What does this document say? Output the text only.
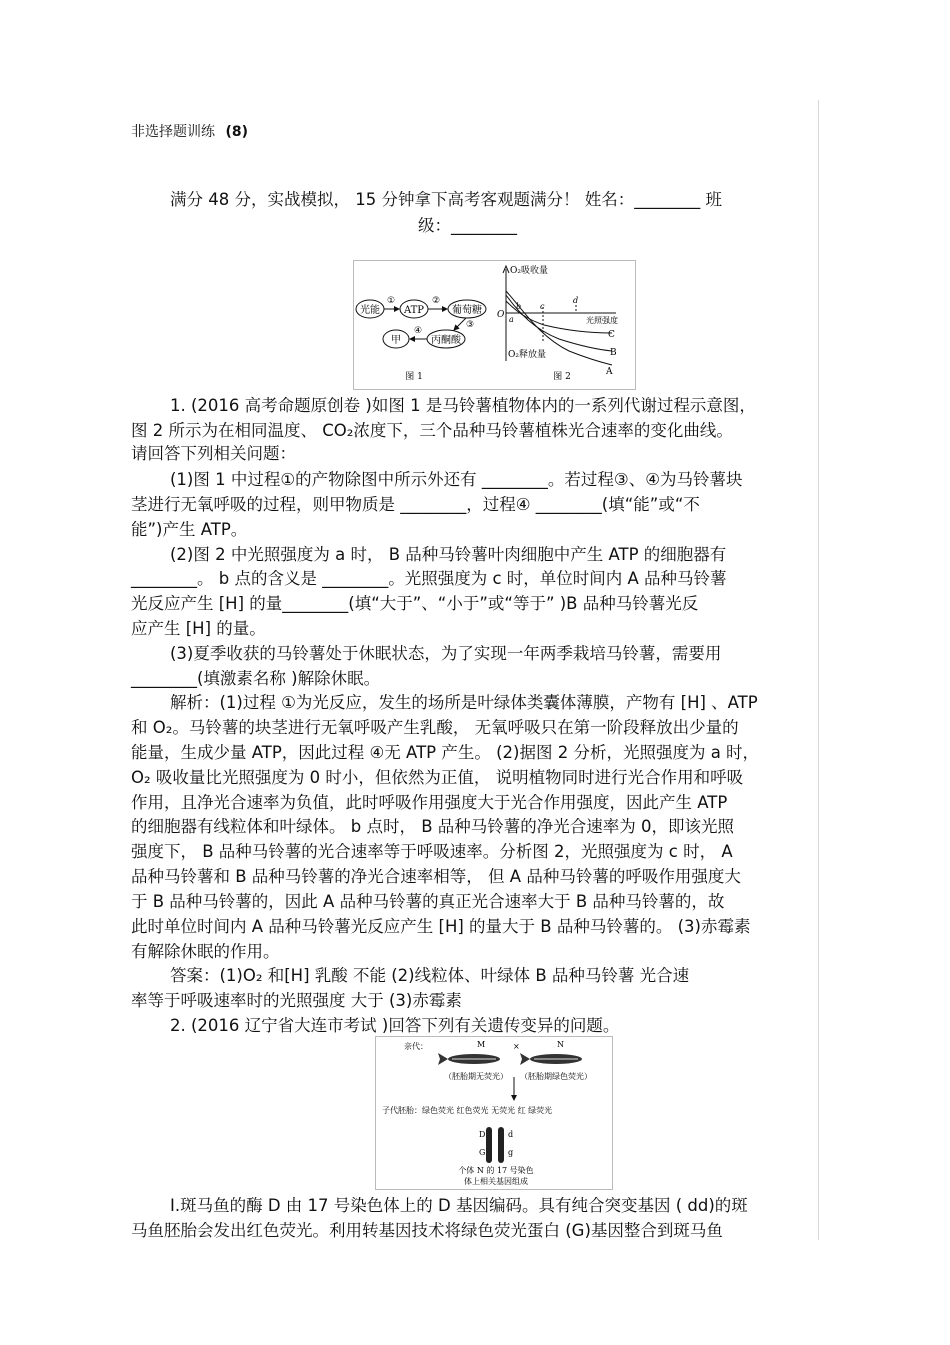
非选择题训练 (8)
满分 48 分，实战模拟， 15 分钟拿下高考客观题满分！ 姓名：________ 班
级：________
光能 ATP	葡萄糖
甲	丙酮酸
①	②
③
④
图 1
O₂吸收量
O₂释放量
O
光照强度
a
b c
d
A
B
C
图 2
1. (2016 高考命题原创卷 )如图 1 是马铃薯植物体内的一系列代谢过程示意图，
图 2 所示为在相同温度、 CO₂浓度下，三个品种马铃薯植株光合速率的变化曲线。
请回答下列相关问题：
(1)图 1 中过程①的产物除图中所示外还有 ________。若过程③、④为马铃薯块
茎进行无氧呼吸的过程，则甲物质是 ________，过程④ ________(填“能”或“不
能”)产生 ATP。
(2)图 2 中光照强度为 a 时， B 品种马铃薯叶肉细胞中产生 ATP 的细胞器有
________。 b 点的含义是 ________。光照强度为 c 时，单位时间内 A 品种马铃薯
光反应产生 [H] 的量________(填“大于”、“小于”或“等于” )B 品种马铃薯光反
应产生 [H] 的量。
(3)夏季收获的马铃薯处于休眠状态，为了实现一年两季栽培马铃薯，需要用
________(填激素名称 )解除休眠。
解析：(1)过程 ①为光反应，发生的场所是叶绿体类囊体薄膜，产物有 [H] 、ATP
和 O₂。马铃薯的块茎进行无氧呼吸产生乳酸， 无氧呼吸只在第一阶段释放出少量的
能量，生成少量 ATP，因此过程 ④无 ATP 产生。 (2)据图 2 分析，光照强度为 a 时，
O₂ 吸收量比光照强度为 0 时小，但依然为正值， 说明植物同时进行光合作用和呼吸
作用，且净光合速率为负值，此时呼吸作用强度大于光合作用强度，因此产生 ATP
的细胞器有线粒体和叶绿体。 b 点时， B 品种马铃薯的净光合速率为 0，即该光照
强度下， B 品种马铃薯的光合速率等于呼吸速率。分析图 2，光照强度为 c 时， A
品种马铃薯和 B 品种马铃薯的净光合速率相等， 但 A 品种马铃薯的呼吸作用强度大
于 B 品种马铃薯的，因此 A 品种马铃薯的真正光合速率大于 B 品种马铃薯的，故
此时单位时间内 A 品种马铃薯光反应产生 [H] 的量大于 B 品种马铃薯的。 (3)赤霉素
有解除休眠的作用。
答案：(1)O₂ 和[H] 乳酸 不能 (2)线粒体、叶绿体 B 品种马铃薯 光合速
率等于呼吸速率时的光照强度 大于 (3)赤霉素
2. (2016 辽宁省大连市考试 )回答下列有关遗传变异的问题。
亲代：	M	×	N
（胚胎期无荧光） （胚胎期绿色荧光）
子代胚胎：绿色荧光 红色荧光 无荧光 红 绿荧光
D
G
d
g
个体 N 的 17 号染色
体上相关基因组成
Ⅰ.斑马鱼的酶 D 由 17 号染色体上的 D 基因编码。具有纯合突变基因 ( dd)的斑
马鱼胚胎会发出红色荧光。利用转基因技术将绿色荧光蛋白 (G)基因整合到斑马鱼
